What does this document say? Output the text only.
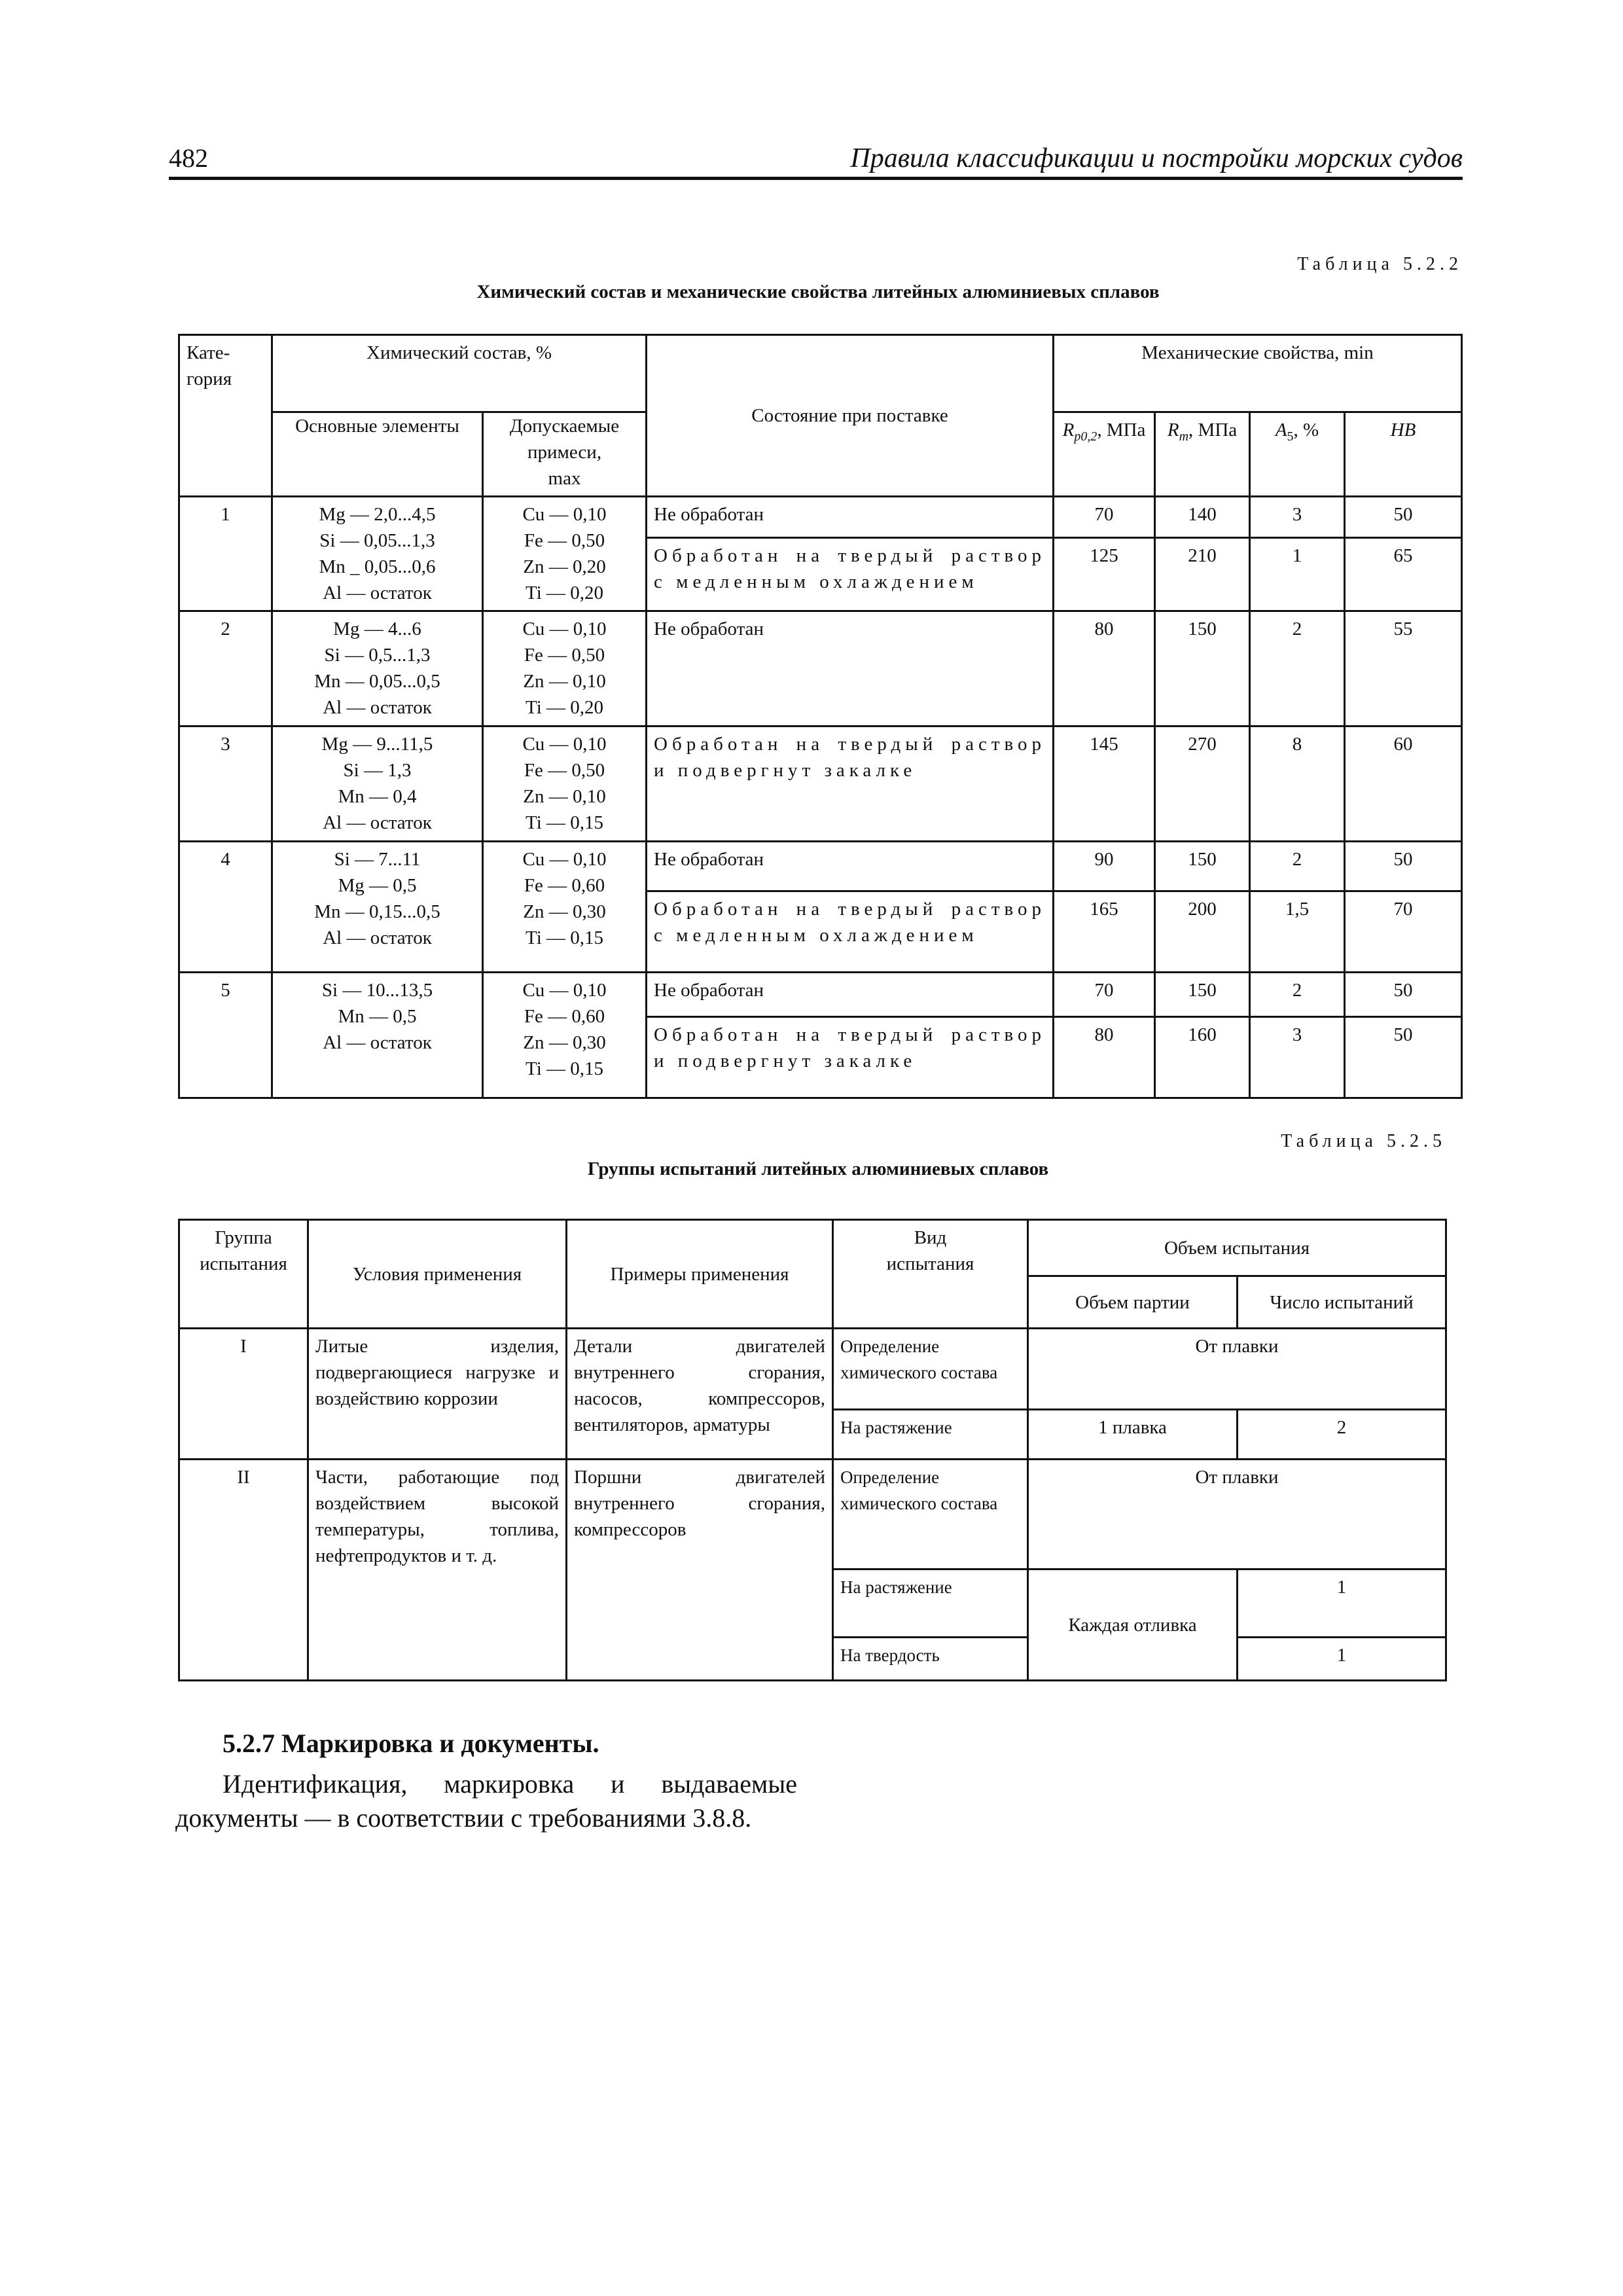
482	Правила классификации и постройки морских судов
Таблица 5.2.2
Химический состав и механические свойства литейных алюминиевых сплавов
Кате-
гория	Химический состав, %		Состояние при поставке	Механические свойства, min			
	Основные элементы	Допускаемые
примеси,
max		$R_{p0,2}$, МПа	$R_m$, МПа	$A_5$, %	HB
1	Mg — 2,0...4,5
Si — 0,05...1,3
Mn _ 0,05...0,6
Al — остаток	Cu — 0,10
Fe — 0,50
Zn — 0,20
Ti — 0,20	Не обработан	70	140	3	50
			Обработан на твердый раствор с медленным охлаждением	125	210	1	65
2	Mg — 4...6
Si — 0,5...1,3
Mn — 0,05...0,5
Al — остаток	Cu — 0,10
Fe — 0,50
Zn — 0,10
Ti — 0,20	Не обработан	80	150	2	55
3	Mg — 9...11,5
Si — 1,3
Mn — 0,4
Al — остаток	Cu — 0,10
Fe — 0,50
Zn — 0,10
Ti — 0,15	Обработан на твердый раствор и подвергнут закалке	145	270	8	60
4	Si — 7...11
Mg — 0,5
Mn — 0,15...0,5
Al — остаток	Cu — 0,10
Fe — 0,60
Zn — 0,30
Ti — 0,15	Не обработан	90	150	2	50
			Обработан на твердый раствор с медленным охлаждением	165	200	1,5	70
5	Si — 10...13,5
Mn — 0,5
Al — остаток	Cu — 0,10
Fe — 0,60
Zn — 0,30
Ti — 0,15	Не обработан	70	150	2	50
			Обработан на твердый раствор и подвергнут закалке	80	160	3	50
Таблица 5.2.5
Группы испытаний литейных алюминиевых сплавов
Группа
испытания	Условия применения	Примеры применения	Вид
испытания	Объем испытания	
				Объем партии	Число испытаний
I	Литые изделия, подвергающиеся нагрузке и воздействию коррозии	Детали двигателей внутреннего сгорания, насосов, компрессоров, вентиляторов, арматуры	Определение химического состава	От плавки	
			На растяжение	1 плавка	2
II	Части, работающие под воздействием высокой температуры, топлива, нефтепродуктов и т. д.	Поршни двигателей внутреннего сгорания, компрессоров	Определение химического состава	От плавки	
			На растяжение	Каждая отливка	1
			На твердость		1
5.2.7 Маркировка и документы.
Идентификация, маркировка и выдаваемые документы — в соответствии с требованиями 3.8.8.
